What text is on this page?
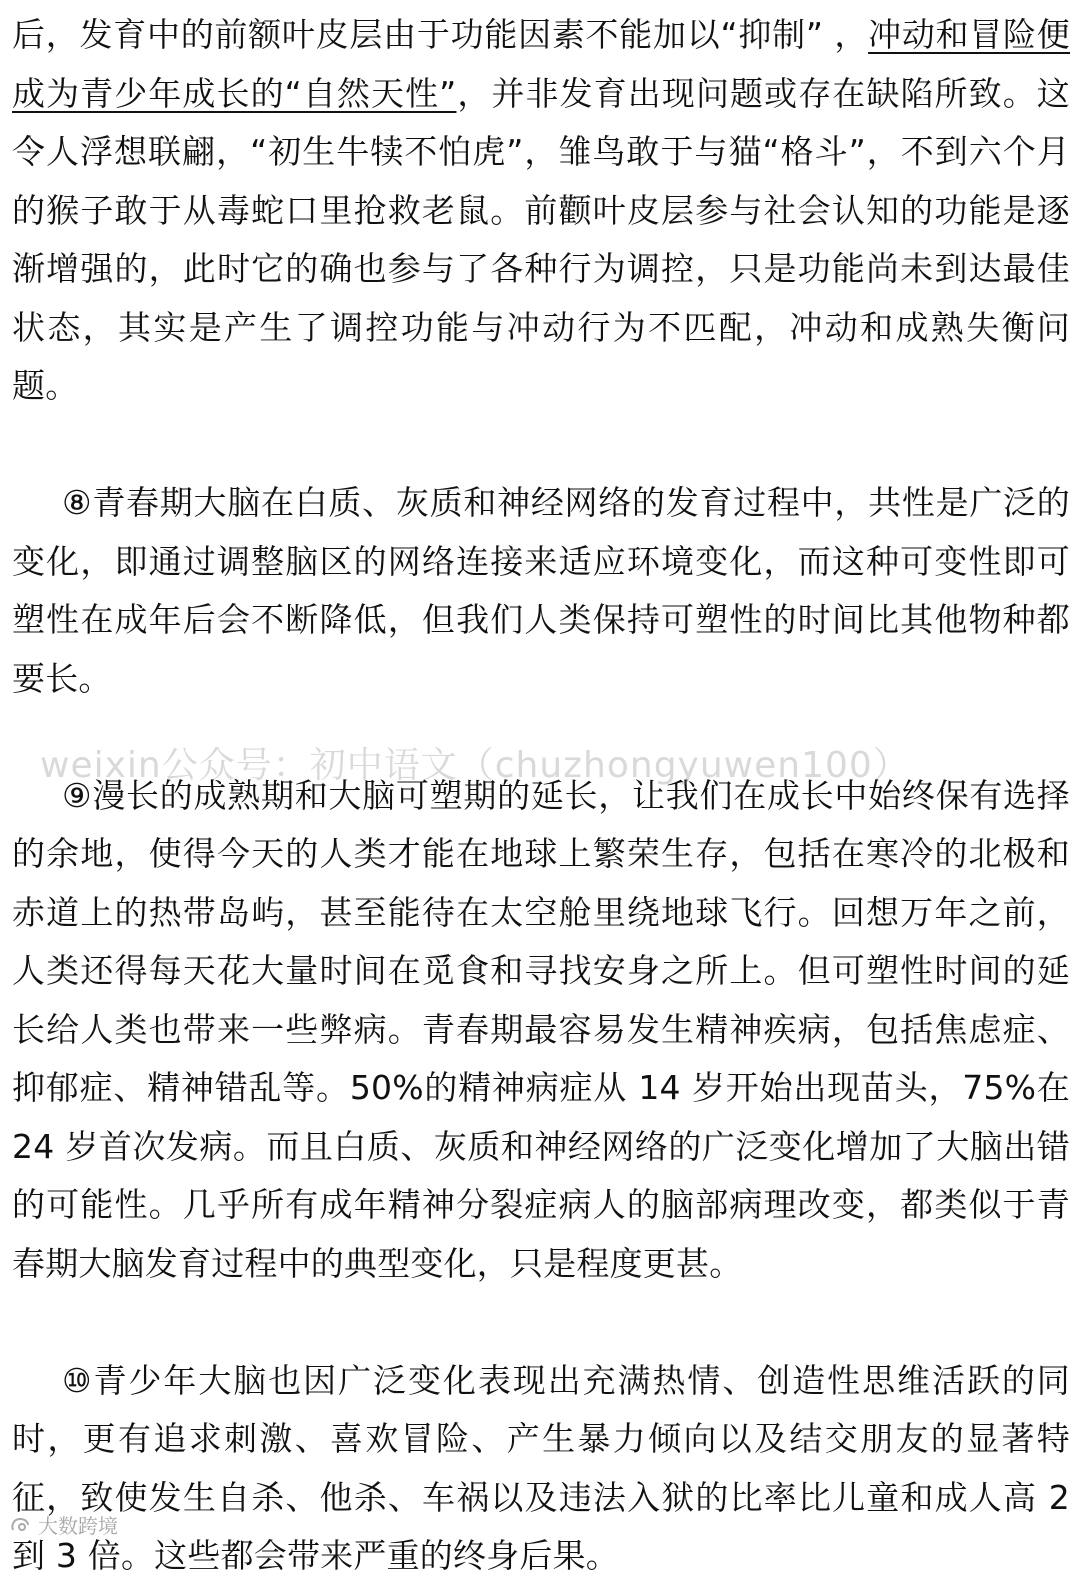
后，发育中的前额叶皮层由于功能因素不能加以“抑制” ，冲动和冒险便成为青少年成长的“自然天性”，并非发育出现问题或存在缺陷所致。这令人浮想联翩，“初生牛犊不怕虎”，雏鸟敢于与猫“格斗”，不到六个月的猴子敢于从毒蛇口里抢救老鼠。前颧叶皮层参与社会认知的功能是逐渐增强的，此时它的确也参与了各种行为调控，只是功能尚未到达最佳状态，其实是产生了调控功能与冲动行为不匹配，冲动和成熟失衡问题。

⑧青春期大脑在白质、灰质和神经网络的发育过程中，共性是广泛的变化，即通过调整脑区的网络连接来适应环境变化，而这种可变性即可塑性在成年后会不断降低，但我们人类保持可塑性的时间比其他物种都要长。

⑨漫长的成熟期和大脑可塑期的延长，让我们在成长中始终保有选择的余地，使得今天的人类才能在地球上繁荣生存，包括在寒冷的北极和赤道上的热带岛屿，甚至能待在太空舱里绕地球飞行。回想万年之前，人类还得每天花大量时间在觅食和寻找安身之所上。但可塑性时间的延长给人类也带来一些弊病。青春期最容易发生精神疾病，包括焦虑症、抑郁症、精神错乱等。50%的精神病症从 14 岁开始出现苗头，75%在 24 岁首次发病。而且白质、灰质和神经网络的广泛变化增加了大脑出错的可能性。几乎所有成年精神分裂症病人的脑部病理改变，都类似于青春期大脑发育过程中的典型变化，只是程度更甚。

⑩青少年大脑也因广泛变化表现出充满热情、创造性思维活跃的同时，更有追求刺激、喜欢冒险、产生暴力倾向以及结交朋友的显著特征，致使发生自杀、他杀、车祸以及违法入狱的比率比儿童和成人高 2 到 3 倍。这些都会带来严重的终身后果。

weixin公众号：初中语文（chuzhongyuwen100）
大数跨境
